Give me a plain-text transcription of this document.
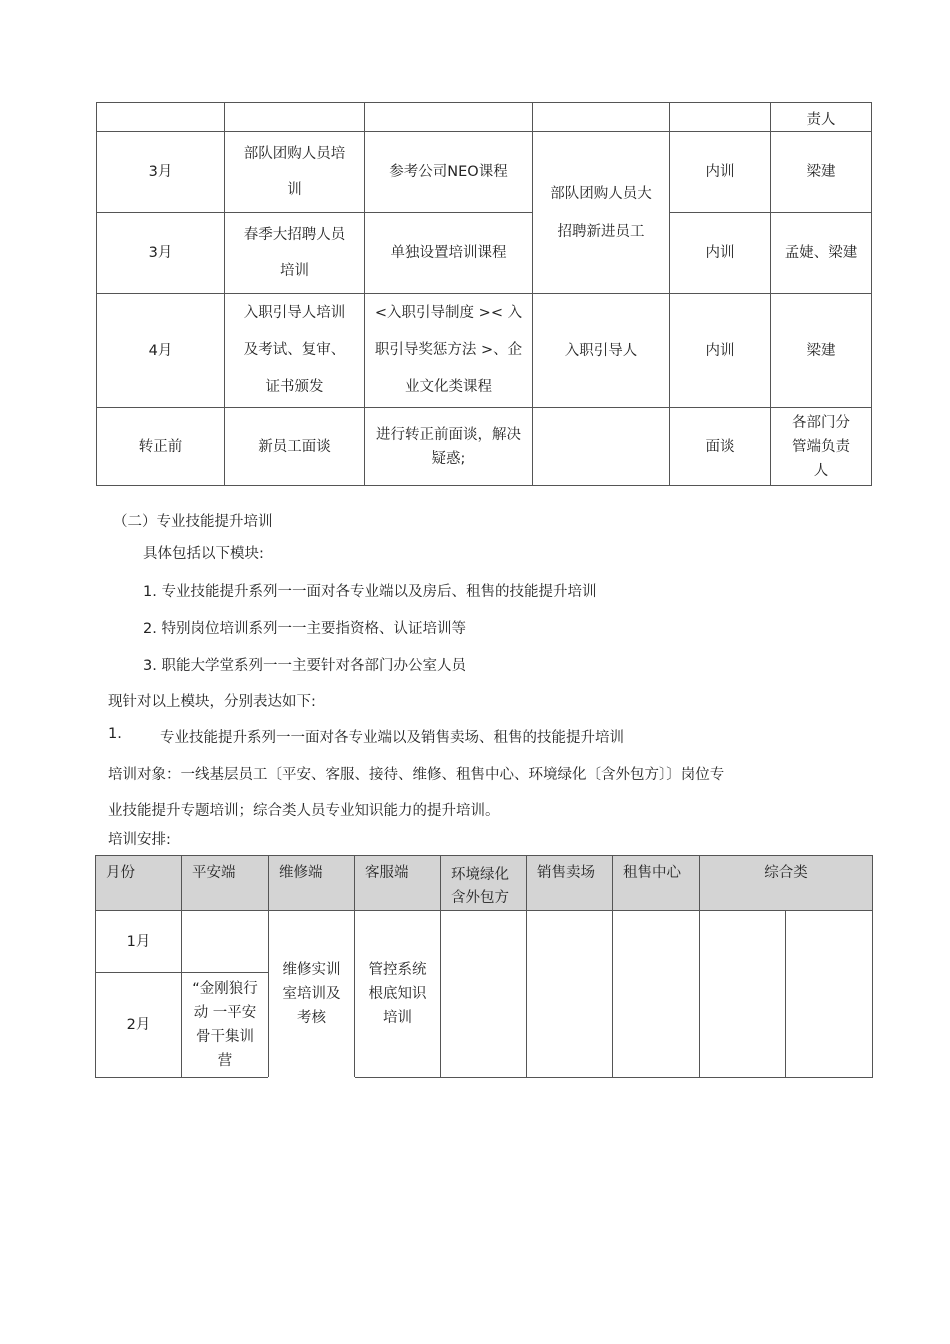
					责人
3月	部队团购人员培训	参考公司NEO课程	部队团购人员大招聘新进员工	内训	梁建
3月	春季大招聘人员培训	单独设置培训课程		内训	孟婕、梁建
4月	入职引导人培训及考试、复审、证书颁发	<入职引导制度 >< 入职引导奖惩方法 >、企业文化类课程	入职引导人	内训	梁建
转正前	新员工面谈	进行转正前面谈，解决疑惑;		面谈	各部门分管端负责人
（二）专业技能提升培训
具体包括以下模块:
1. 专业技能提升系列一一面对各专业端以及房后、租售的技能提升培训
2. 特别岗位培训系列一一主要指资格、认证培训等
3. 职能大学堂系列一一主要针对各部门办公室人员
现针对以上模块，分别表达如下:
1.	专业技能提升系列一一面对各专业端以及销售卖场、租售的技能提升培训
培训对象：一线基层员工〔平安、客服、接待、维修、租售中心、环境绿化〔含外包方〕〕岗位专
业技能提升专题培训；综合类人员专业知识能力的提升培训。
培训安排:
月份	平安端	维修端	客服端	环境绿化含外包方	销售卖场	租售中心	综合类	
1月		维修实训室培训及考核	管控系统根底知识培训					
2月	“金刚狼行动 一平安骨干集训营							
